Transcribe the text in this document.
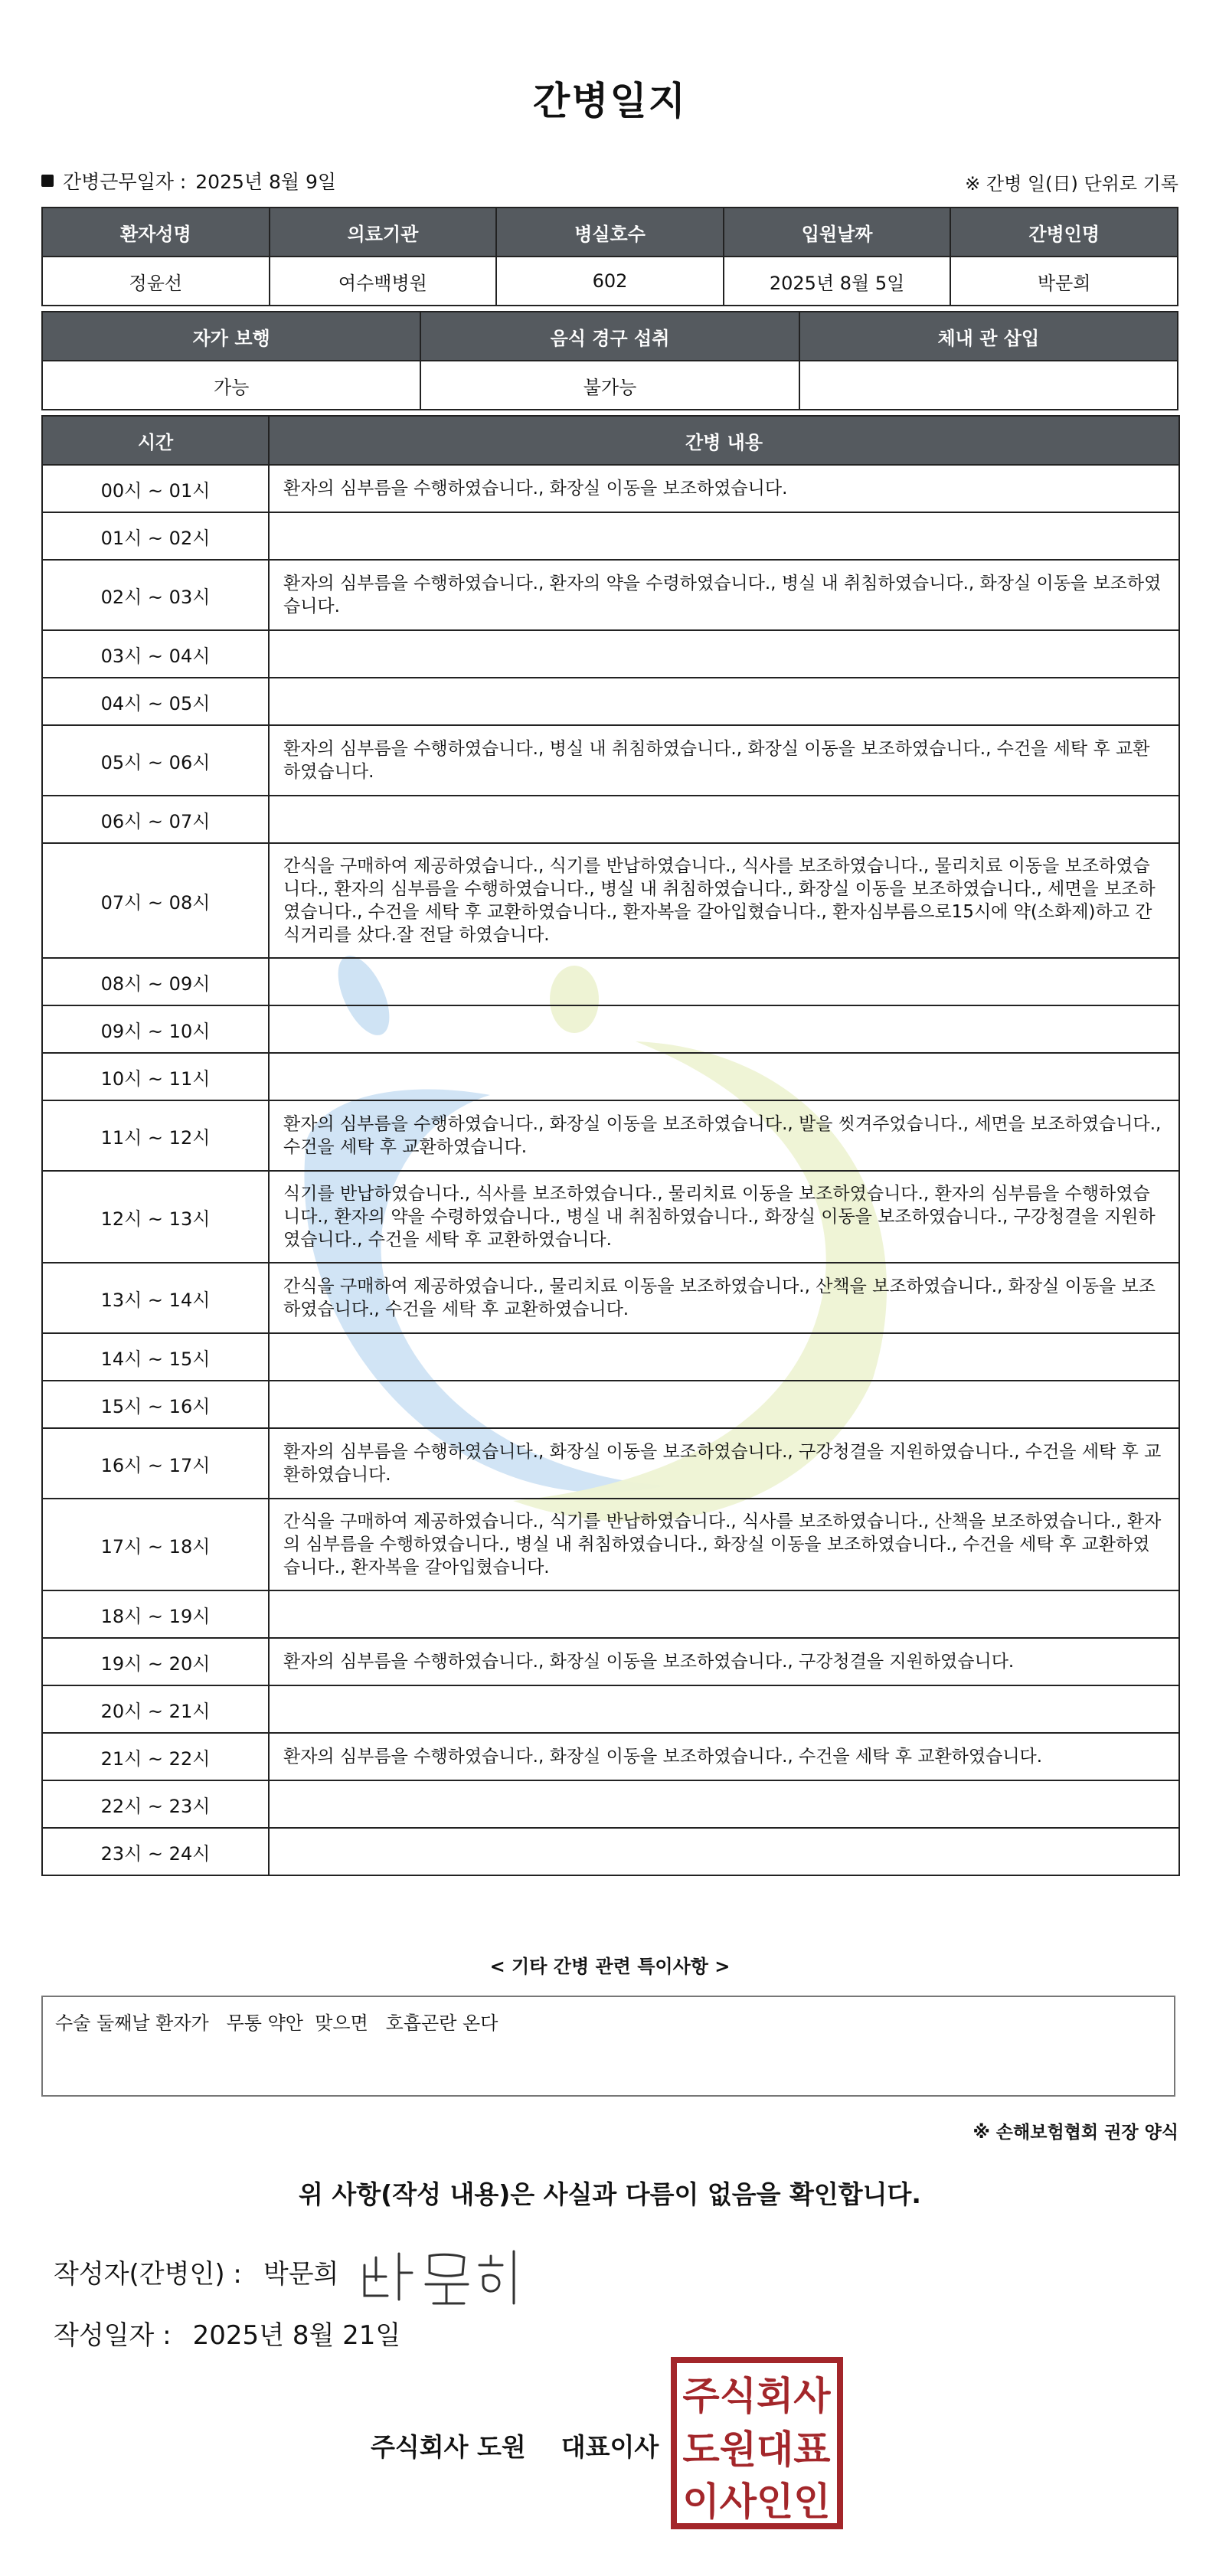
간병일지
간병근무일자 : 2025년 8월 9일	※ 간병 일(日) 단위로 기록
환자성명	의료기관	병실호수	입원날짜	간병인명
정윤선	여수백병원	602	2025년 8월 5일	박문희
자가 보행	음식 경구 섭취	체내 관 삽입
가능	불가능	
시간	간병 내용
00시 ~ 01시	환자의 심부름을 수행하였습니다., 화장실 이동을 보조하였습니다.
01시 ~ 02시	
02시 ~ 03시	환자의 심부름을 수행하였습니다., 환자의 약을 수령하였습니다., 병실 내 취침하였습니다., 화장실 이동을 보조하였습니다.
03시 ~ 04시	
04시 ~ 05시	
05시 ~ 06시	환자의 심부름을 수행하였습니다., 병실 내 취침하였습니다., 화장실 이동을 보조하였습니다., 수건을 세탁 후 교환하였습니다.
06시 ~ 07시	
07시 ~ 08시	간식을 구매하여 제공하였습니다., 식기를 반납하였습니다., 식사를 보조하였습니다., 물리치료 이동을 보조하였습니다., 환자의 심부름을 수행하였습니다., 병실 내 취침하였습니다., 화장실 이동을 보조하였습니다., 세면을 보조하였습니다., 수건을 세탁 후 교환하였습니다., 환자복을 갈아입혔습니다., 환자심부름으로15시에 약(소화제)하고 간식거리를 샀다.잘 전달 하였습니다.
08시 ~ 09시	
09시 ~ 10시	
10시 ~ 11시	
11시 ~ 12시	환자의 심부름을 수행하였습니다., 화장실 이동을 보조하였습니다., 발을 씻겨주었습니다., 세면을 보조하였습니다., 수건을 세탁 후 교환하였습니다.
12시 ~ 13시	식기를 반납하였습니다., 식사를 보조하였습니다., 물리치료 이동을 보조하였습니다., 환자의 심부름을 수행하였습니다., 환자의 약을 수령하였습니다., 병실 내 취침하였습니다., 화장실 이동을 보조하였습니다., 구강청결을 지원하였습니다., 수건을 세탁 후 교환하였습니다.
13시 ~ 14시	간식을 구매하여 제공하였습니다., 물리치료 이동을 보조하였습니다., 산책을 보조하였습니다., 화장실 이동을 보조하였습니다., 수건을 세탁 후 교환하였습니다.
14시 ~ 15시	
15시 ~ 16시	
16시 ~ 17시	환자의 심부름을 수행하였습니다., 화장실 이동을 보조하였습니다., 구강청결을 지원하였습니다., 수건을 세탁 후 교환하였습니다.
17시 ~ 18시	간식을 구매하여 제공하였습니다., 식기를 반납하였습니다., 식사를 보조하였습니다., 산책을 보조하였습니다., 환자의 심부름을 수행하였습니다., 병실 내 취침하였습니다., 화장실 이동을 보조하였습니다., 수건을 세탁 후 교환하였습니다., 환자복을 갈아입혔습니다.
18시 ~ 19시	
19시 ~ 20시	환자의 심부름을 수행하였습니다., 화장실 이동을 보조하였습니다., 구강청결을 지원하였습니다.
20시 ~ 21시	
21시 ~ 22시	환자의 심부름을 수행하였습니다., 화장실 이동을 보조하였습니다., 수건을 세탁 후 교환하였습니다.
22시 ~ 23시	
23시 ~ 24시	
< 기타 간병 관련 특이사항 >
수술 둘째날 환자가   무통 약안  맞으면   호흡곤란 온다
※ 손해보험협회 권장 양식
위 사항(작성 내용)은 사실과 다름이 없음을 확인합니다.
작성자(간병인) : 박문희
작성일자 : 2025년 8월 21일
주식회사 도원    대표이사
주식회사
도원대표
이사인인
